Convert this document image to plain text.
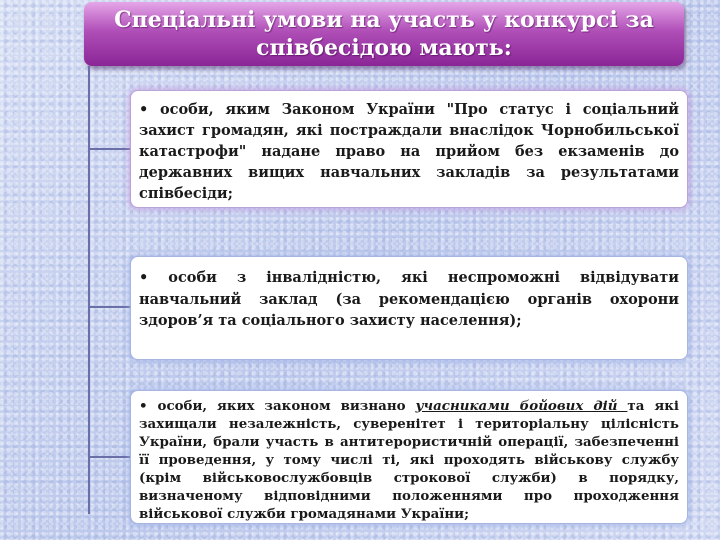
Спеціальні умови на участь у конкурсі за співбесідою мають:

• особи, яким Законом України "Про статус і соціальний захист громадян, які постраждали внаслідок Чорнобильської катастрофи" надане право на прийом без екзаменів до державних вищих навчальних закладів за результатами співбесіди;

• особи з інвалідністю, які неспроможні відвідувати навчальний заклад (за рекомендацією органів охорони здоров’я та соціального захисту населення);

• особи, яких законом визнано учасниками бойових дій та які захищали незалежність, суверенітет і територіальну цілісність України, брали участь в антитерористичній операції, забезпеченні її проведення, у тому числі ті, які проходять військову службу (крім військовослужбовців строкової служби) в порядку, визначеному відповідними положеннями про проходження військової служби громадянами України;
